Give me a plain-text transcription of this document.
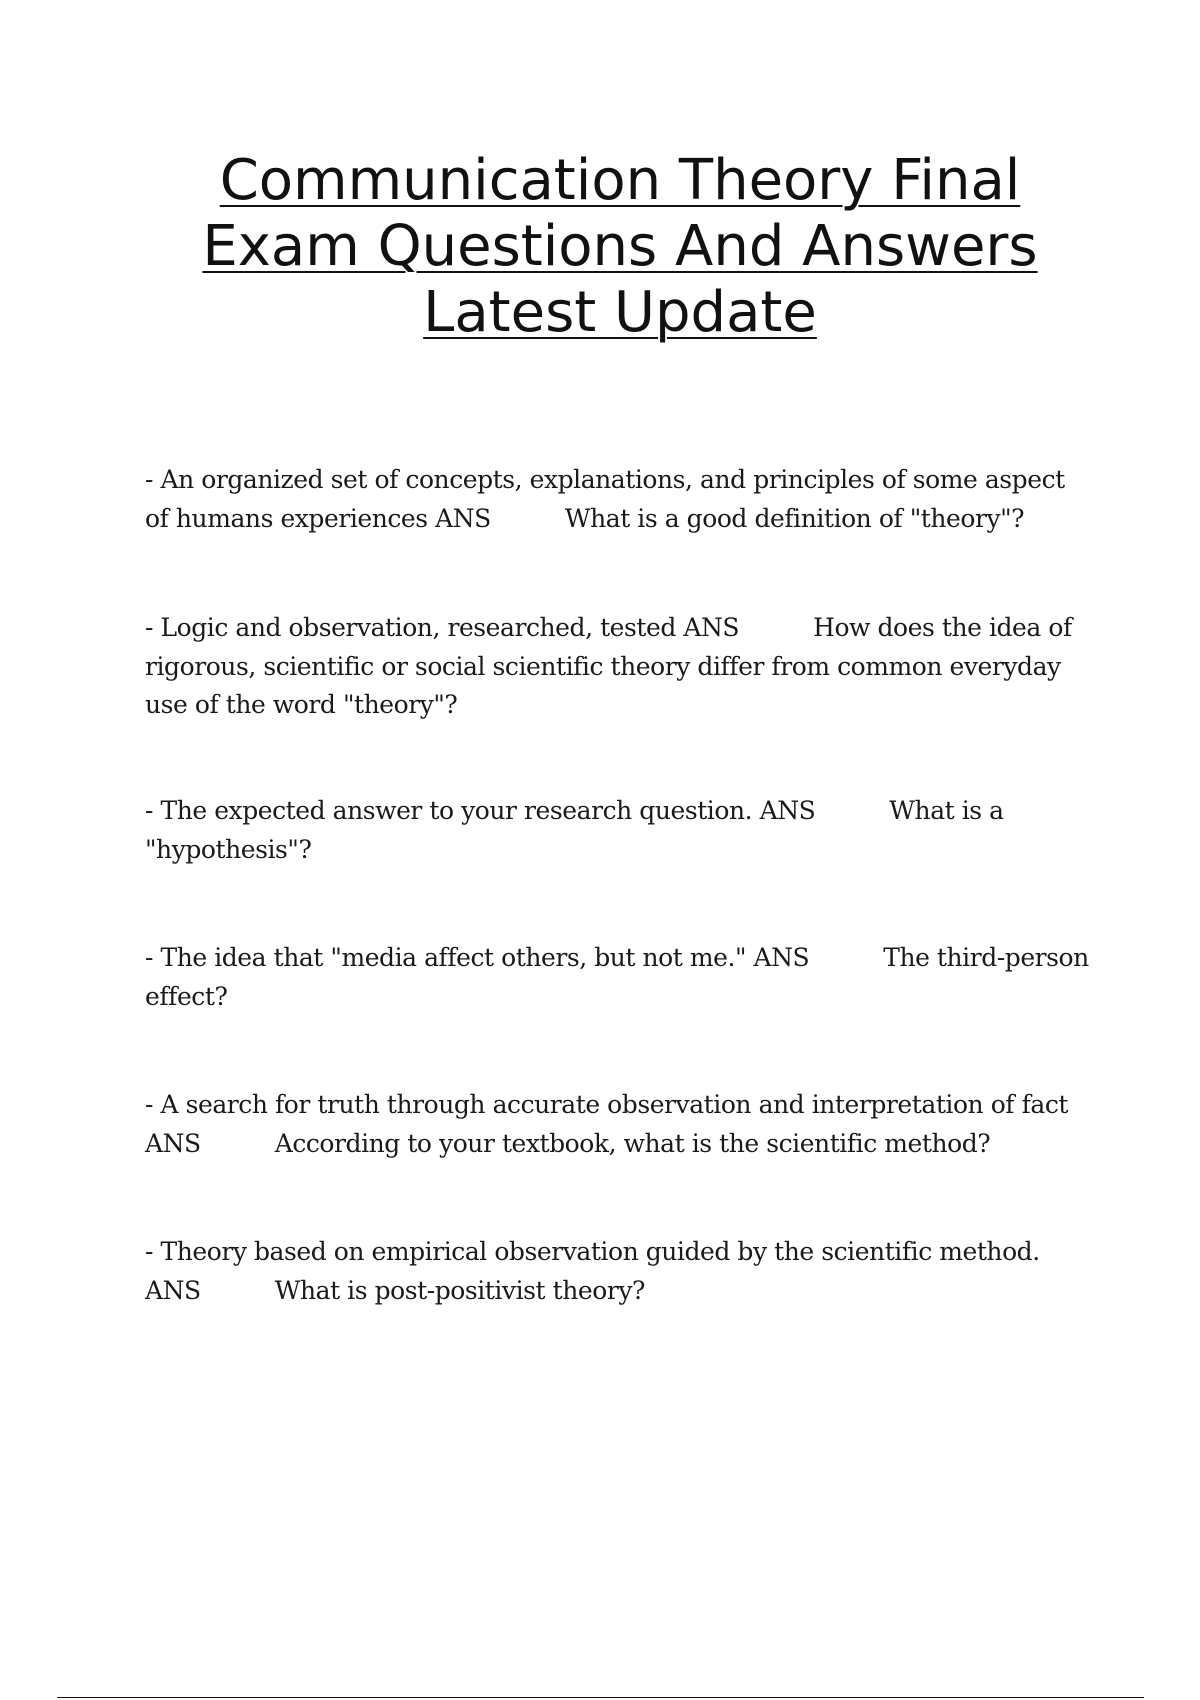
Communication Theory Final Exam Questions And Answers Latest Update
- An organized set of concepts, explanations, and principles of some aspect of humans experiences ANS	What is a good definition of "theory"?
- Logic and observation, researched, tested ANS	How does the idea of rigorous, scientific or social scientific theory differ from common everyday use of the word "theory"?
- The expected answer to your research question. ANS	What is a "hypothesis"?
- The idea that "media affect others, but not me." ANS	The third-person effect?
- A search for truth through accurate observation and interpretation of fact ANS	According to your textbook, what is the scientific method?
- Theory based on empirical observation guided by the scientific method. ANS	What is post-positivist theory?
